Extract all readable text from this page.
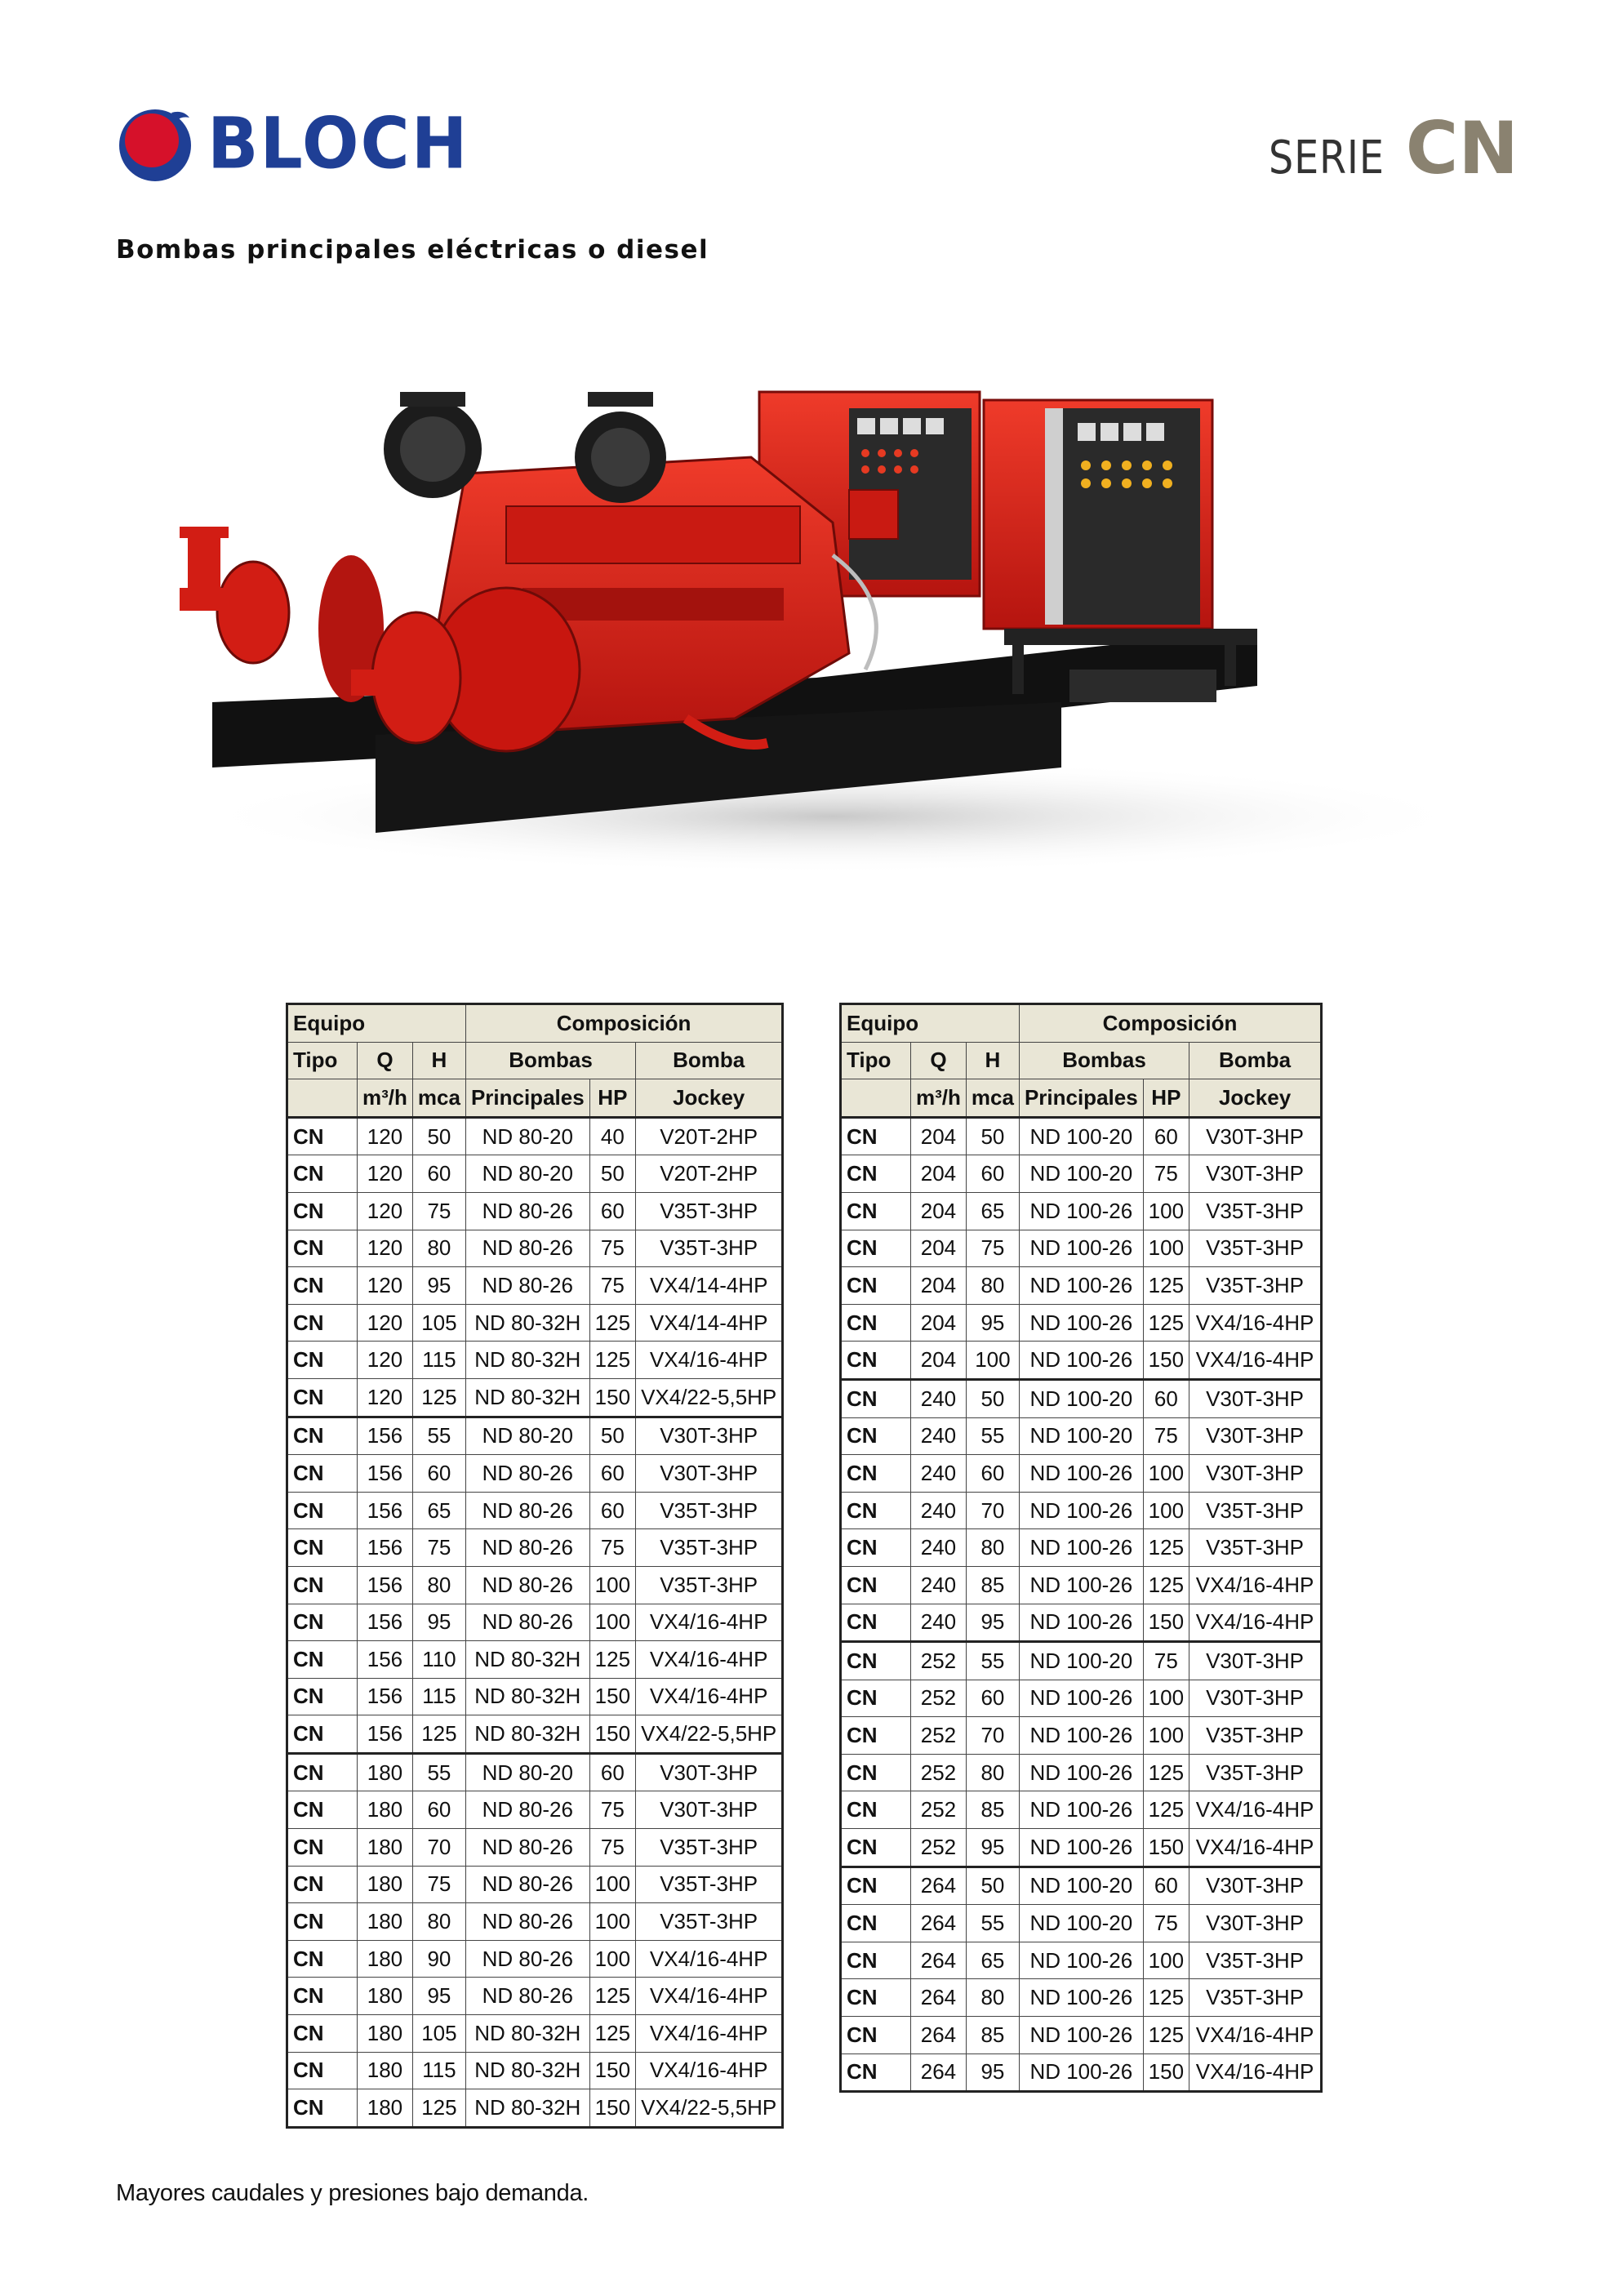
BLOCH	SERIE CN
Bombas principales eléctricas o diesel
Equipo			Composición		
Tipo	Q	H	Bombas		Bomba
	m³/h	mca	Principales	HP	Jockey
CN	120	50	ND 80-20	40	V20T-2HP
CN	120	60	ND 80-20	50	V20T-2HP
CN	120	75	ND 80-26	60	V35T-3HP
CN	120	80	ND 80-26	75	V35T-3HP
CN	120	95	ND 80-26	75	VX4/14-4HP
CN	120	105	ND 80-32H	125	VX4/14-4HP
CN	120	115	ND 80-32H	125	VX4/16-4HP
CN	120	125	ND 80-32H	150	VX4/22-5,5HP
CN	156	55	ND 80-20	50	V30T-3HP
CN	156	60	ND 80-26	60	V30T-3HP
CN	156	65	ND 80-26	60	V35T-3HP
CN	156	75	ND 80-26	75	V35T-3HP
CN	156	80	ND 80-26	100	V35T-3HP
CN	156	95	ND 80-26	100	VX4/16-4HP
CN	156	110	ND 80-32H	125	VX4/16-4HP
CN	156	115	ND 80-32H	150	VX4/16-4HP
CN	156	125	ND 80-32H	150	VX4/22-5,5HP
CN	180	55	ND 80-20	60	V30T-3HP
CN	180	60	ND 80-26	75	V30T-3HP
CN	180	70	ND 80-26	75	V35T-3HP
CN	180	75	ND 80-26	100	V35T-3HP
CN	180	80	ND 80-26	100	V35T-3HP
CN	180	90	ND 80-26	100	VX4/16-4HP
CN	180	95	ND 80-26	125	VX4/16-4HP
CN	180	105	ND 80-32H	125	VX4/16-4HP
CN	180	115	ND 80-32H	150	VX4/16-4HP
CN	180	125	ND 80-32H	150	VX4/22-5,5HP
Equipo			Composición		
Tipo	Q	H	Bombas		Bomba
	m³/h	mca	Principales	HP	Jockey
CN	204	50	ND 100-20	60	V30T-3HP
CN	204	60	ND 100-20	75	V30T-3HP
CN	204	65	ND 100-26	100	V35T-3HP
CN	204	75	ND 100-26	100	V35T-3HP
CN	204	80	ND 100-26	125	V35T-3HP
CN	204	95	ND 100-26	125	VX4/16-4HP
CN	204	100	ND 100-26	150	VX4/16-4HP
CN	240	50	ND 100-20	60	V30T-3HP
CN	240	55	ND 100-20	75	V30T-3HP
CN	240	60	ND 100-26	100	V30T-3HP
CN	240	70	ND 100-26	100	V35T-3HP
CN	240	80	ND 100-26	125	V35T-3HP
CN	240	85	ND 100-26	125	VX4/16-4HP
CN	240	95	ND 100-26	150	VX4/16-4HP
CN	252	55	ND 100-20	75	V30T-3HP
CN	252	60	ND 100-26	100	V30T-3HP
CN	252	70	ND 100-26	100	V35T-3HP
CN	252	80	ND 100-26	125	V35T-3HP
CN	252	85	ND 100-26	125	VX4/16-4HP
CN	252	95	ND 100-26	150	VX4/16-4HP
CN	264	50	ND 100-20	60	V30T-3HP
CN	264	55	ND 100-20	75	V30T-3HP
CN	264	65	ND 100-26	100	V35T-3HP
CN	264	80	ND 100-26	125	V35T-3HP
CN	264	85	ND 100-26	125	VX4/16-4HP
CN	264	95	ND 100-26	150	VX4/16-4HP
Mayores caudales y presiones bajo demanda.
